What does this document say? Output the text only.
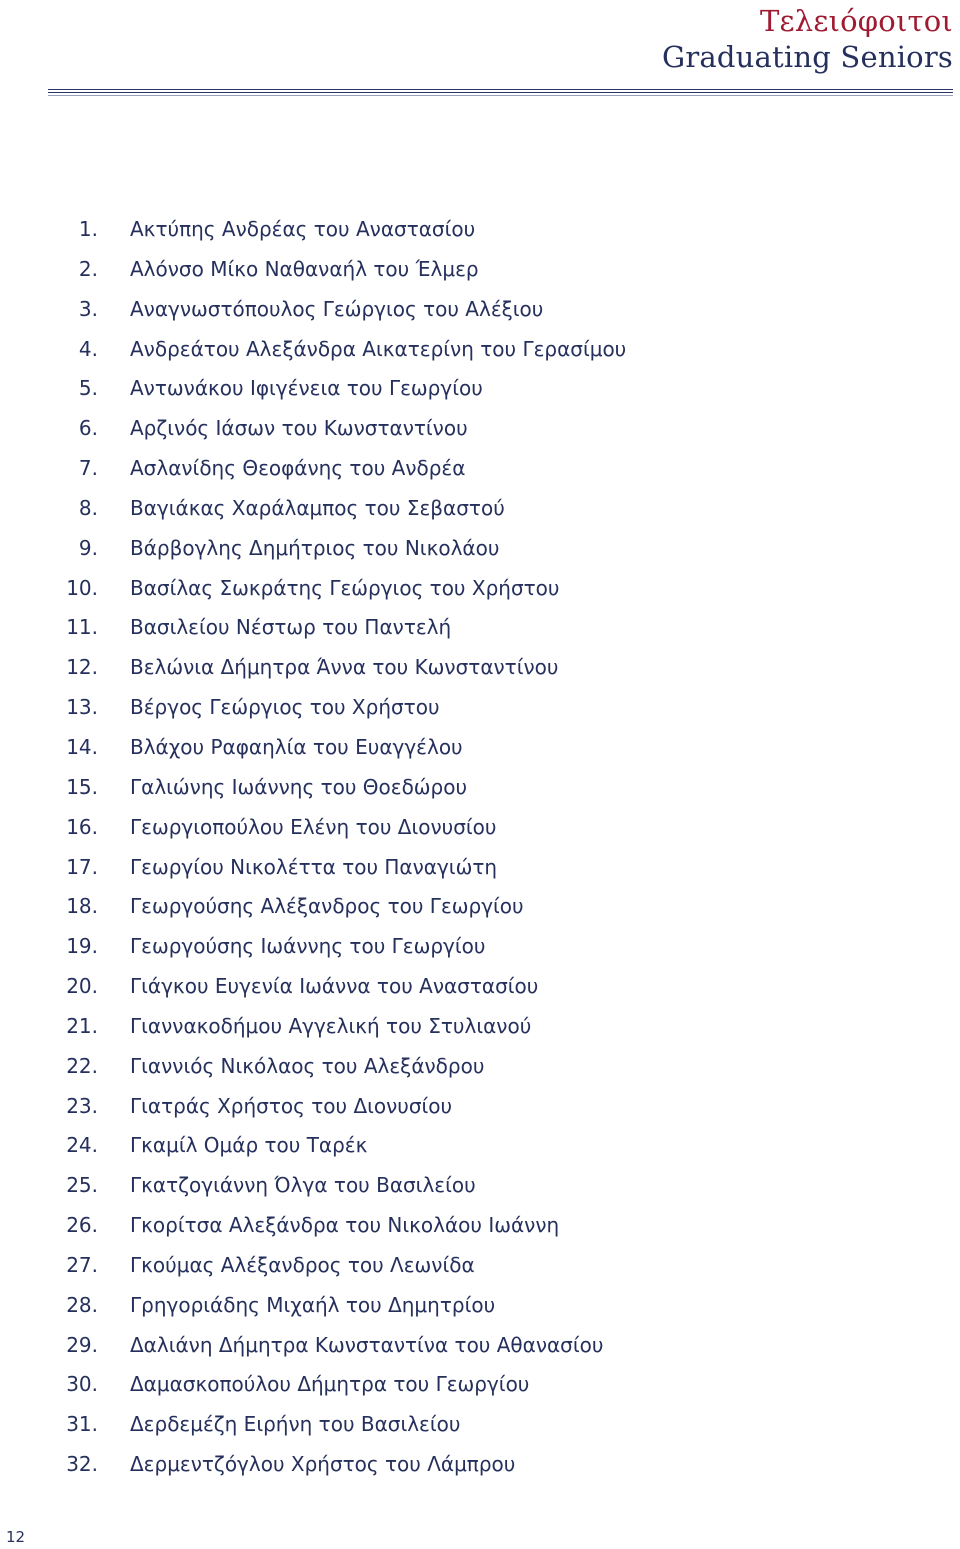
Τελειόφοιτοι
Graduating Seniors
1. Ακτύπης Ανδρέας του Αναστασίου
2. Αλόνσο Μίκο Ναθαναήλ του Έλμερ
3. Αναγνωστόπουλος Γεώργιος του Αλέξιου
4. Ανδρεάτου Αλεξάνδρα Αικατερίνη του Γερασίμου
5. Αντωνάκου Ιφιγένεια του Γεωργίου
6. Αρζινός Ιάσων του Κωνσταντίνου
7. Ασλανίδης Θεοφάνης του Ανδρέα
8. Βαγιάκας Χαράλαμπος του Σεβαστού
9. Βάρβογλης Δημήτριος του Νικολάου
10. Βασίλας Σωκράτης Γεώργιος του Χρήστου
11. Βασιλείου Νέστωρ του Παντελή
12. Βελώνια Δήμητρα Άννα του Κωνσταντίνου
13. Βέργος Γεώργιος του Χρήστου
14. Βλάχου Ραφαηλία του Ευαγγέλου
15. Γαλιώνης Ιωάννης του Θοεδώρου
16. Γεωργιοπούλου Ελένη του Διονυσίου
17. Γεωργίου Νικολέττα του Παναγιώτη
18. Γεωργούσης Αλέξανδρος του Γεωργίου
19. Γεωργούσης Ιωάννης του Γεωργίου
20. Γιάγκου Ευγενία Ιωάννα του Αναστασίου
21. Γιαννακοδήμου Αγγελική του Στυλιανού
22. Γιαννιός Νικόλαος του Αλεξάνδρου
23. Γιατράς Χρήστος του Διονυσίου
24. Γκαμίλ Ομάρ του Ταρέκ
25. Γκατζογιάννη Όλγα του Βασιλείου
26. Γκορίτσα Αλεξάνδρα του Νικολάου Ιωάννη
27. Γκούμας Αλέξανδρος του Λεωνίδα
28. Γρηγοριάδης Μιχαήλ του Δημητρίου
29. Δαλιάνη Δήμητρα Κωνσταντίνα του Αθανασίου
30. Δαμασκοπούλου Δήμητρα του Γεωργίου
31. Δερδεμέζη Ειρήνη του Βασιλείου
32. Δερμεντζόγλου Χρήστος του Λάμπρου
12
